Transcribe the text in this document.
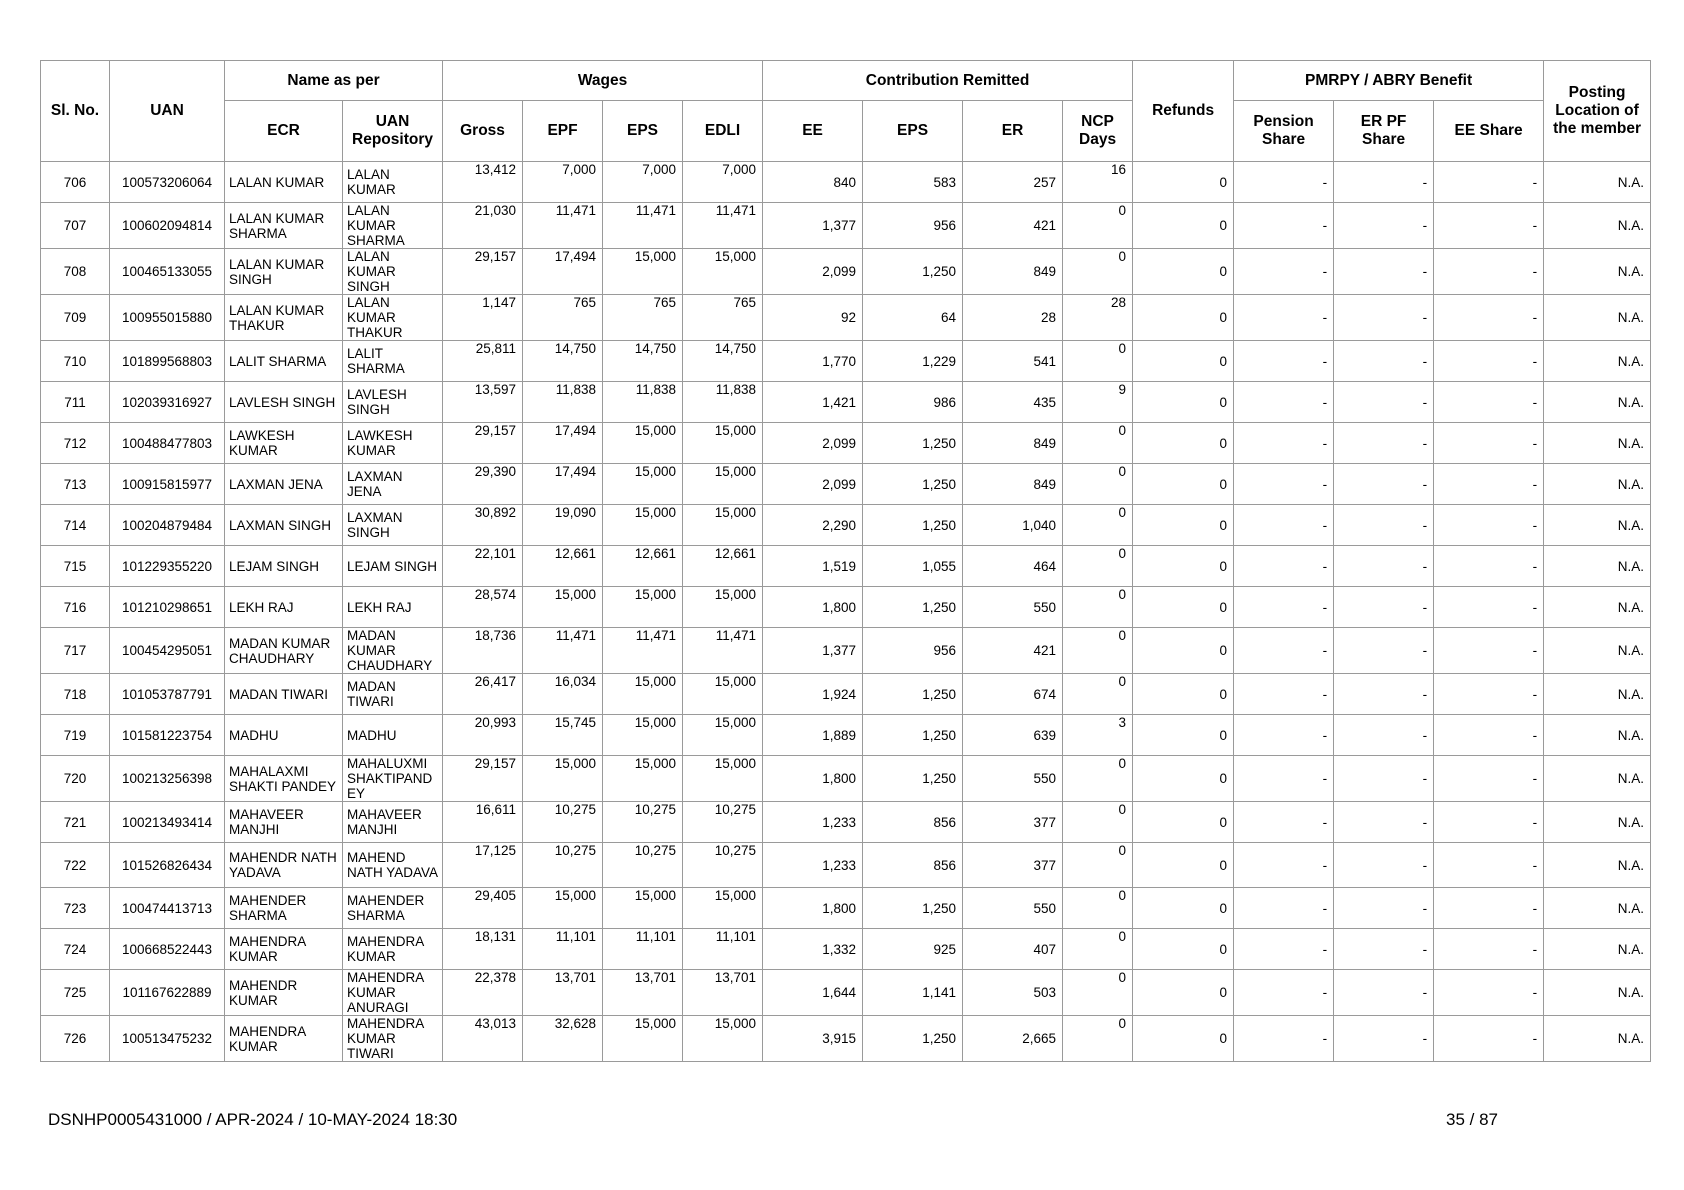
Sl. No.	UAN	Name as per		Wages				Contribution Remitted				Refunds	PMRPY / ABRY Benefit			Posting Location of the member
		ECR	UAN Repository	Gross	EPF	EPS	EDLI	EE	EPS	ER	NCP Days		Pension Share	ER PF Share	EE Share	
706	100573206064	LALAN KUMAR	LALAN KUMAR	13,412	7,000	7,000	7,000	840	583	257	16	0	-	-	-	N.A.
707	100602094814	LALAN KUMAR SHARMA	LALAN KUMAR SHARMA	21,030	11,471	11,471	11,471	1,377	956	421	0	0	-	-	-	N.A.
708	100465133055	LALAN KUMAR SINGH	LALAN KUMAR SINGH	29,157	17,494	15,000	15,000	2,099	1,250	849	0	0	-	-	-	N.A.
709	100955015880	LALAN KUMAR THAKUR	LALAN KUMAR THAKUR	1,147	765	765	765	92	64	28	28	0	-	-	-	N.A.
710	101899568803	LALIT SHARMA	LALIT SHARMA	25,811	14,750	14,750	14,750	1,770	1,229	541	0	0	-	-	-	N.A.
711	102039316927	LAVLESH SINGH	LAVLESH SINGH	13,597	11,838	11,838	11,838	1,421	986	435	9	0	-	-	-	N.A.
712	100488477803	LAWKESH KUMAR	LAWKESH KUMAR	29,157	17,494	15,000	15,000	2,099	1,250	849	0	0	-	-	-	N.A.
713	100915815977	LAXMAN JENA	LAXMAN JENA	29,390	17,494	15,000	15,000	2,099	1,250	849	0	0	-	-	-	N.A.
714	100204879484	LAXMAN SINGH	LAXMAN SINGH	30,892	19,090	15,000	15,000	2,290	1,250	1,040	0	0	-	-	-	N.A.
715	101229355220	LEJAM SINGH	LEJAM SINGH	22,101	12,661	12,661	12,661	1,519	1,055	464	0	0	-	-	-	N.A.
716	101210298651	LEKH RAJ	LEKH RAJ	28,574	15,000	15,000	15,000	1,800	1,250	550	0	0	-	-	-	N.A.
717	100454295051	MADAN KUMAR CHAUDHARY	MADAN KUMAR CHAUDHARY	18,736	11,471	11,471	11,471	1,377	956	421	0	0	-	-	-	N.A.
718	101053787791	MADAN TIWARI	MADAN TIWARI	26,417	16,034	15,000	15,000	1,924	1,250	674	0	0	-	-	-	N.A.
719	101581223754	MADHU	MADHU	20,993	15,745	15,000	15,000	1,889	1,250	639	3	0	-	-	-	N.A.
720	100213256398	MAHALAXMI SHAKTI PANDEY	MAHALUXMI SHAKTIPAND EY	29,157	15,000	15,000	15,000	1,800	1,250	550	0	0	-	-	-	N.A.
721	100213493414	MAHAVEER MANJHI	MAHAVEER MANJHI	16,611	10,275	10,275	10,275	1,233	856	377	0	0	-	-	-	N.A.
722	101526826434	MAHENDR NATH YADAVA	MAHEND NATH YADAVA	17,125	10,275	10,275	10,275	1,233	856	377	0	0	-	-	-	N.A.
723	100474413713	MAHENDER SHARMA	MAHENDER SHARMA	29,405	15,000	15,000	15,000	1,800	1,250	550	0	0	-	-	-	N.A.
724	100668522443	MAHENDRA KUMAR	MAHENDRA KUMAR	18,131	11,101	11,101	11,101	1,332	925	407	0	0	-	-	-	N.A.
725	101167622889	MAHENDR KUMAR	MAHENDRA KUMAR ANURAGI	22,378	13,701	13,701	13,701	1,644	1,141	503	0	0	-	-	-	N.A.
726	100513475232	MAHENDRA KUMAR	MAHENDRA KUMAR TIWARI	43,013	32,628	15,000	15,000	3,915	1,250	2,665	0	0	-	-	-	N.A.
DSNHP0005431000 / APR-2024 / 10-MAY-2024 18:30	35 / 87
